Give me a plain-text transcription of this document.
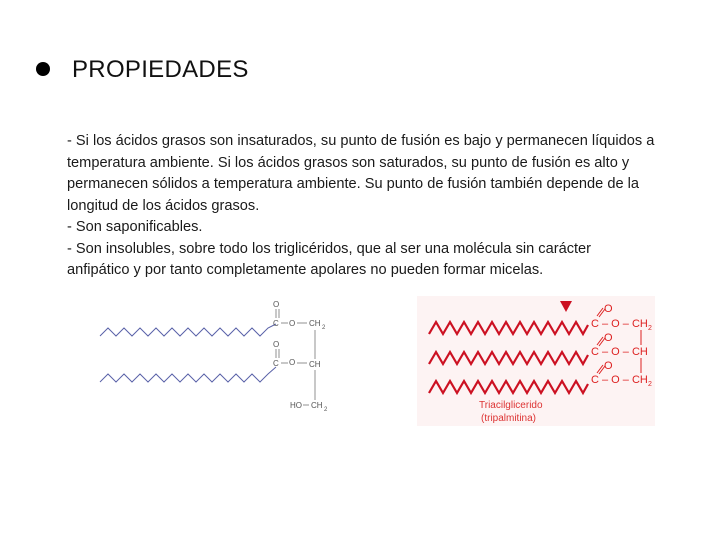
PROPIEDADES

- Si los ácidos grasos son insaturados, su punto de fusión es bajo y permanecen líquidos a temperatura ambiente. Si los ácidos grasos son saturados, su punto de fusión es alto y permanecen sólidos a temperatura ambiente. Su punto de fusión también depende de la longitud de los ácidos grasos.

- Son saponificables.

- Son insolubles, sobre todo los triglicéridos, que al ser una molécula sin carácter anfipático y por tanto completamente apolares no pueden formar micelas.

O
C O CH 2
O
C O CH
HO CH 2
O
C – O – CH 2
O
C – O – CH
O
C – O – CH 2
Triacilglicerido
(tripalmitina)
